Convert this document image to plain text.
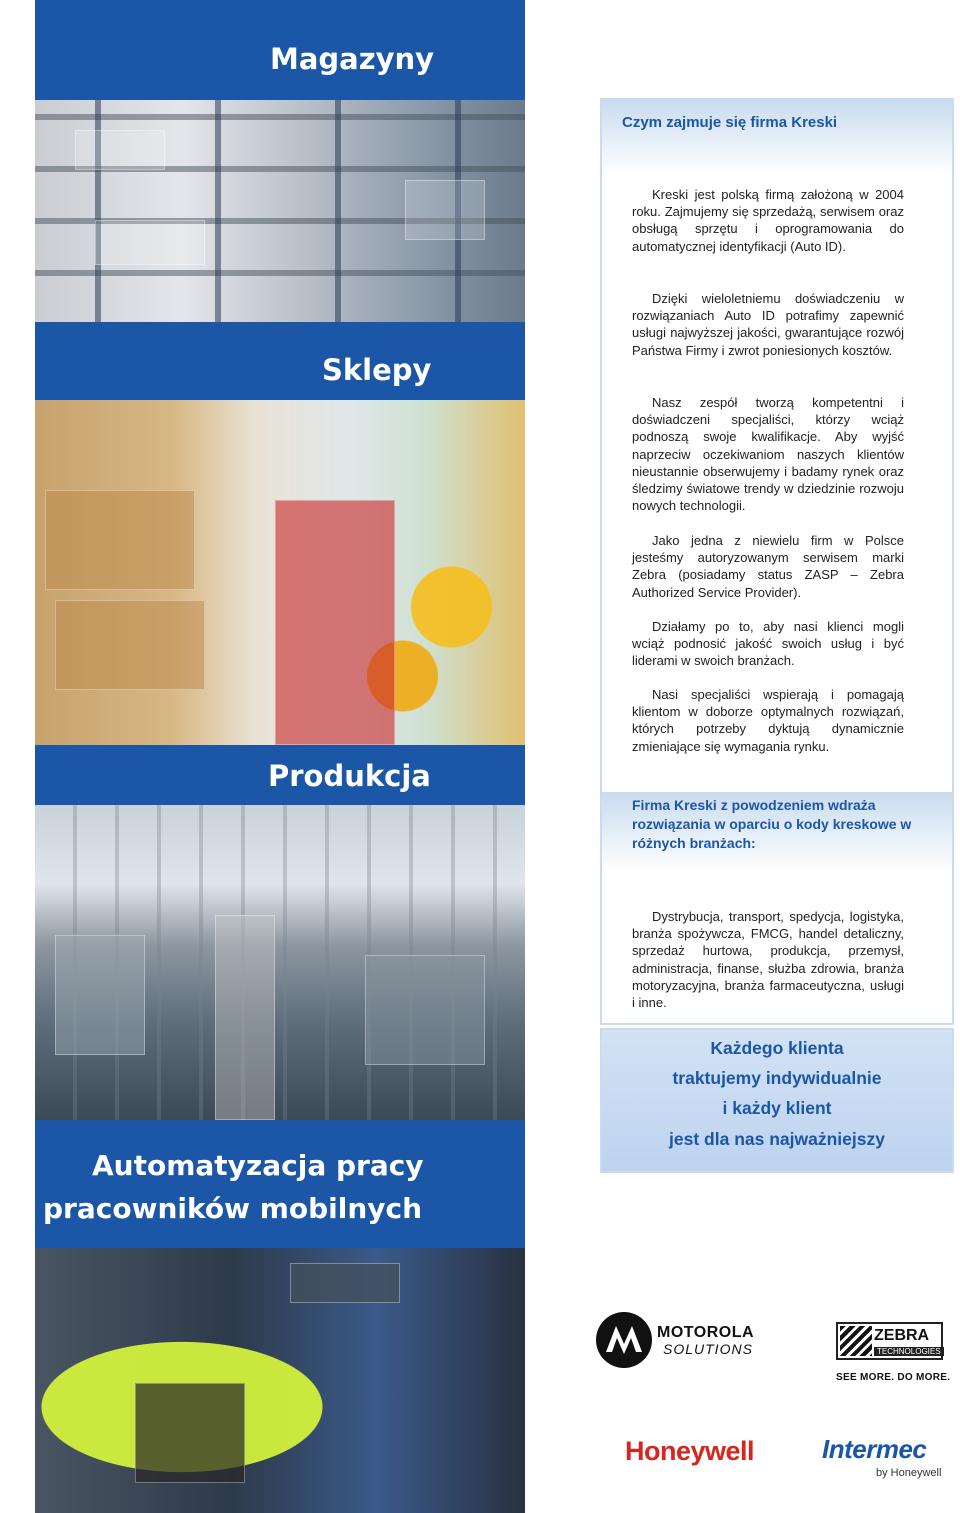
Magazyny
Sklepy
Produkcja
Automatyzacja pracy
pracowników mobilnych
Czym zajmuje się firma Kreski
Kreski jest polską firmą założoną w 2004 roku. Zajmujemy się sprzedażą, serwisem oraz obsługą sprzętu i oprogramowania do automatycznej identyfikacji (Auto ID).
Dzięki wieloletniemu doświadczeniu w rozwiązaniach Auto ID potrafimy zapewnić usługi najwyższej jakości, gwarantujące rozwój Państwa Firmy i zwrot poniesionych kosztów.
Nasz zespół tworzą kompetentni i doświadczeni specjaliści, którzy wciąż podnoszą swoje kwalifikacje. Aby wyjść naprzeciw oczekiwaniom naszych klientów nieustannie obserwujemy i badamy rynek oraz śledzimy światowe trendy w dziedzinie rozwoju nowych technologii.
Jako jedna z niewielu firm w Polsce jesteśmy autoryzowanym serwisem marki Zebra (posiadamy status ZASP – Zebra Authorized Service Provider).
Działamy po to, aby nasi klienci mogli wciąż podnosić jakość swoich usług i być liderami w swoich branżach.
Nasi specjaliści wspierają i pomagają klientom w doborze optymalnych rozwiązań, których potrzeby dyktują dynamicznie zmieniające się wymagania rynku.
Firma Kreski z powodzeniem wdraża rozwiązania w oparciu o kody kreskowe w różnych branżach:
Dystrybucja, transport, spedycja, logistyka, branża spożywcza, FMCG, handel detaliczny, sprzedaż hurtowa, produkcja, przemysł, administracja, finanse, służba zdrowia, branża motoryzacyjna, branża farmaceutyczna, usługi i inne.
Każdego klienta
traktujemy indywidualnie
i każdy klient
jest dla nas najważniejszy
MOTOROLA
SOLUTIONS
ZEBRA
TECHNOLOGIES
SEE MORE. DO MORE.
Honeywell	Intermec
by Honeywell
